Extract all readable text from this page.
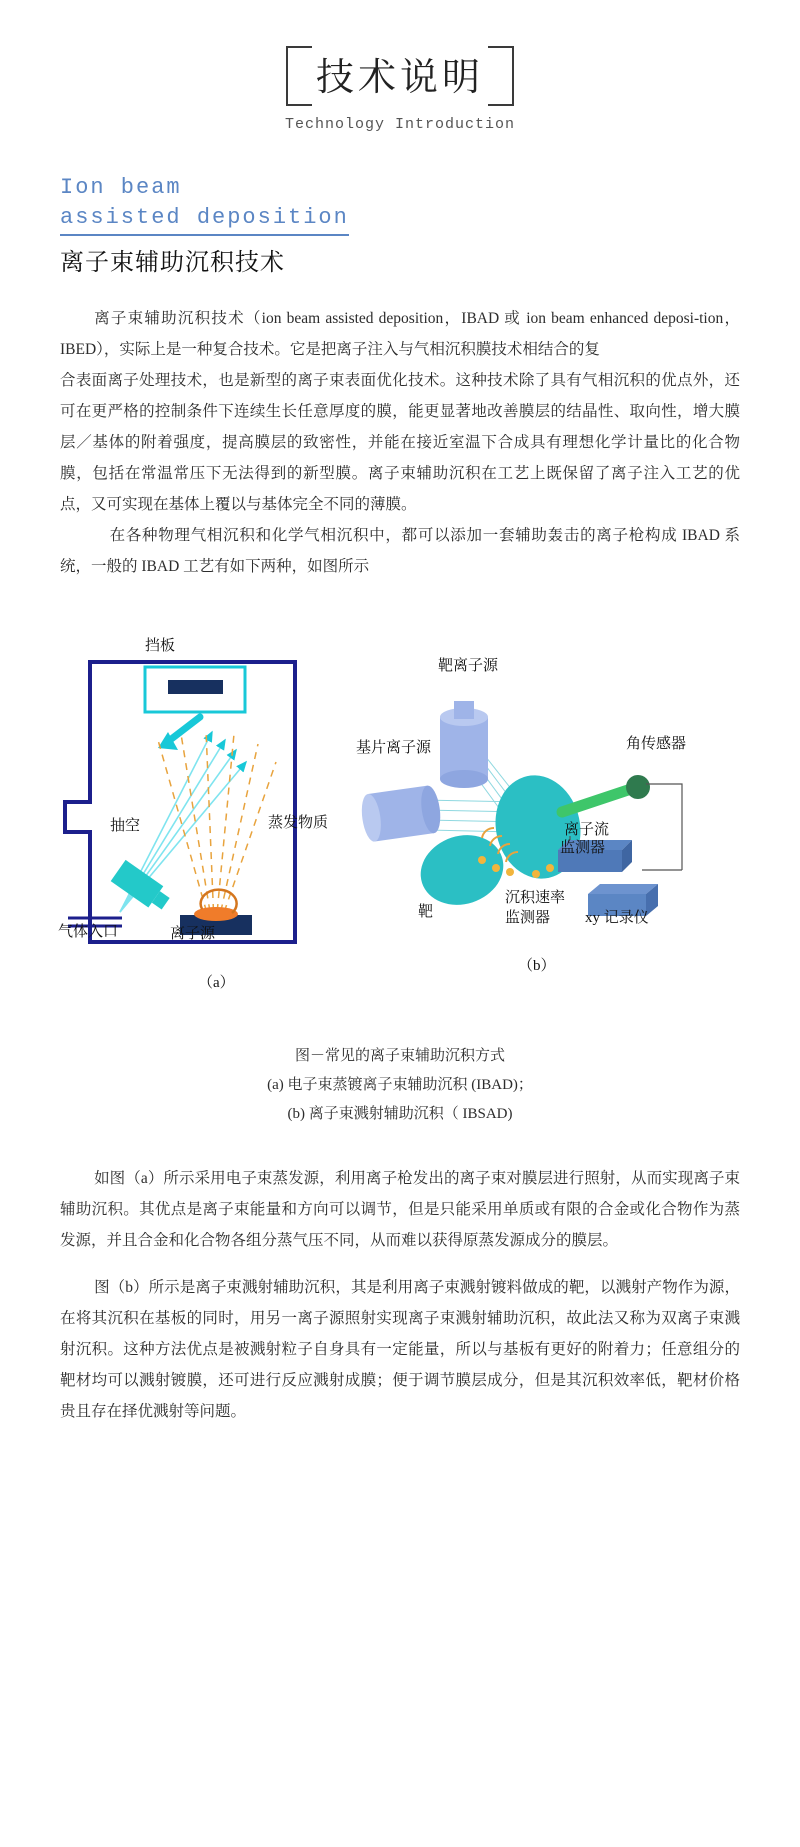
技术说明
Technology Introduction
Ion beam
assisted deposition
离子束辅助沉积技术

离子束辅助沉积技术（ion beam assisted deposition，IBAD 或 ion beam enhanced deposi-tion，IBED），实际上是一种复合技术。它是把离子注入与气相沉积膜技术相结合的复

合表面离子处理技术，也是新型的离子束表面优化技术。这种技术除了具有气相沉积的优点外，还可在更严格的控制条件下连续生长任意厚度的膜，能更显著地改善膜层的结晶性、取向性，增大膜层／基体的附着强度，提高膜层的致密性，并能在接近室温下合成具有理想化学计量比的化合物膜，包括在常温常压下无法得到的新型膜。离子束辅助沉积在工艺上既保留了离子注入工艺的优点，又可实现在基体上覆以与基体完全不同的薄膜。

在各种物理气相沉积和化学气相沉积中，都可以添加一套辅助轰击的离子枪构成 IBAD 系统，一般的 IBAD 工艺有如下两种，如图所示

挡板
抽空	蒸发物质
气体入口	离子源
（a）
靶离子源
基片离子源	角传感器
离子流
监测器
靶
沉积速率
监测器 xy 记录仪
（b）
图－常见的离子束辅助沉积方式
(a) 电子束蒸镀离子束辅助沉积 (IBAD)；
(b) 离子束溅射辅助沉积（ IBSAD)

如图（a）所示采用电子束蒸发源，利用离子枪发出的离子束对膜层进行照射，从而实现离子束辅助沉积。其优点是离子束能量和方向可以调节，但是只能采用单质或有限的合金或化合物作为蒸发源，并且合金和化合物各组分蒸气压不同，从而难以获得原蒸发源成分的膜层。

图（b）所示是离子束溅射辅助沉积，其是利用离子束溅射镀料做成的靶，以溅射产物作为源，在将其沉积在基板的同时，用另一离子源照射实现离子束溅射辅助沉积，故此法又称为双离子束溅射沉积。这种方法优点是被溅射粒子自身具有一定能量，所以与基板有更好的附着力；任意组分的靶材均可以溅射镀膜，还可进行反应溅射成膜；便于调节膜层成分，但是其沉积效率低，靶材价格贵且存在择优溅射等问题。
